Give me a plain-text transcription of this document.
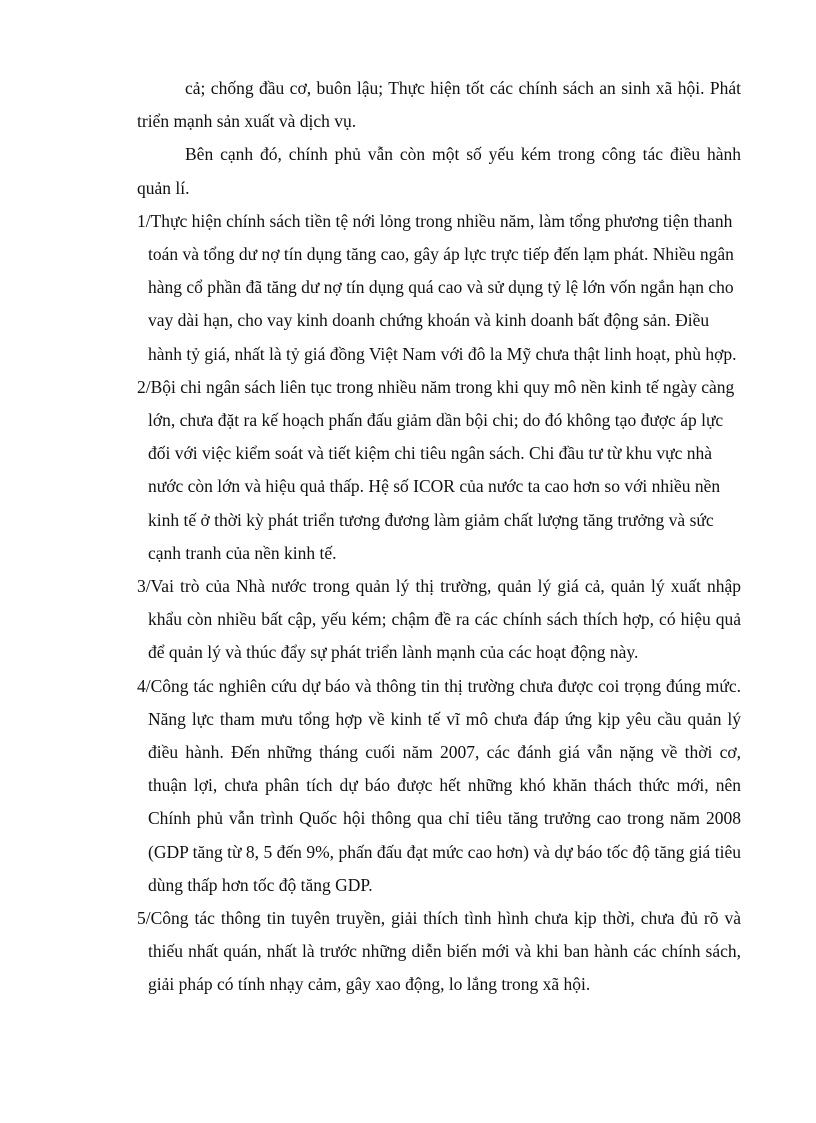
cả; chống đầu cơ, buôn lậu; Thực hiện tốt các chính sách an sinh xã hội. Phát triển mạnh sản xuất và dịch vụ.

Bên cạnh đó, chính phủ vẫn còn một số yếu kém trong công tác điều hành quản lí.

1/Thực hiện chính sách tiền tệ nới lỏng trong nhiều năm, làm tổng phương tiện thanh toán và tổng dư nợ tín dụng tăng cao, gây áp lực trực tiếp đến lạm phát. Nhiều ngân hàng cổ phần đã tăng dư nợ tín dụng quá cao và sử dụng tỷ lệ lớn vốn ngắn hạn cho vay dài hạn, cho vay kinh doanh chứng khoán và kinh doanh bất động sản. Điều hành tỷ giá, nhất là tỷ giá đồng Việt Nam với đô la Mỹ chưa thật linh hoạt, phù hợp.

2/Bội chi ngân sách liên tục trong nhiều năm trong khi quy mô nền kinh tế ngày càng lớn, chưa đặt ra kế hoạch phấn đấu giảm dần bội chi; do đó không tạo được áp lực đối với việc kiểm soát và tiết kiệm chi tiêu ngân sách. Chi đầu tư từ khu vực nhà nước còn lớn và hiệu quả thấp. Hệ số ICOR của nước ta cao hơn so với nhiều nền kinh tế ở thời kỳ phát triển tương đương làm giảm chất lượng tăng trưởng và sức cạnh tranh của nền kinh tế.

3/Vai trò của Nhà nước trong quản lý thị trường, quản lý giá cả, quản lý xuất nhập khẩu còn nhiều bất cập, yếu kém; chậm đề ra các chính sách thích hợp, có hiệu quả để quản lý và thúc đẩy sự phát triển lành mạnh của các hoạt động này.

4/Công tác nghiên cứu dự báo và thông tin thị trường chưa được coi trọng đúng mức. Năng lực tham mưu tổng hợp về kinh tế vĩ mô chưa đáp ứng kịp yêu cầu quản lý điều hành. Đến những tháng cuối năm 2007, các đánh giá vẫn nặng về thời cơ, thuận lợi, chưa phân tích dự báo được hết những khó khăn thách thức mới, nên Chính phủ vẫn trình Quốc hội thông qua chỉ tiêu tăng trưởng cao trong năm 2008 (GDP tăng từ 8, 5 đến 9%, phấn đấu đạt mức cao hơn) và dự báo tốc độ tăng giá tiêu dùng thấp hơn tốc độ tăng GDP.

5/Công tác thông tin tuyên truyền, giải thích tình hình chưa kịp thời, chưa đủ rõ và thiếu nhất quán, nhất là trước những diễn biến mới và khi ban hành các chính sách, giải pháp có tính nhạy cảm, gây xao động, lo lắng trong xã hội.
